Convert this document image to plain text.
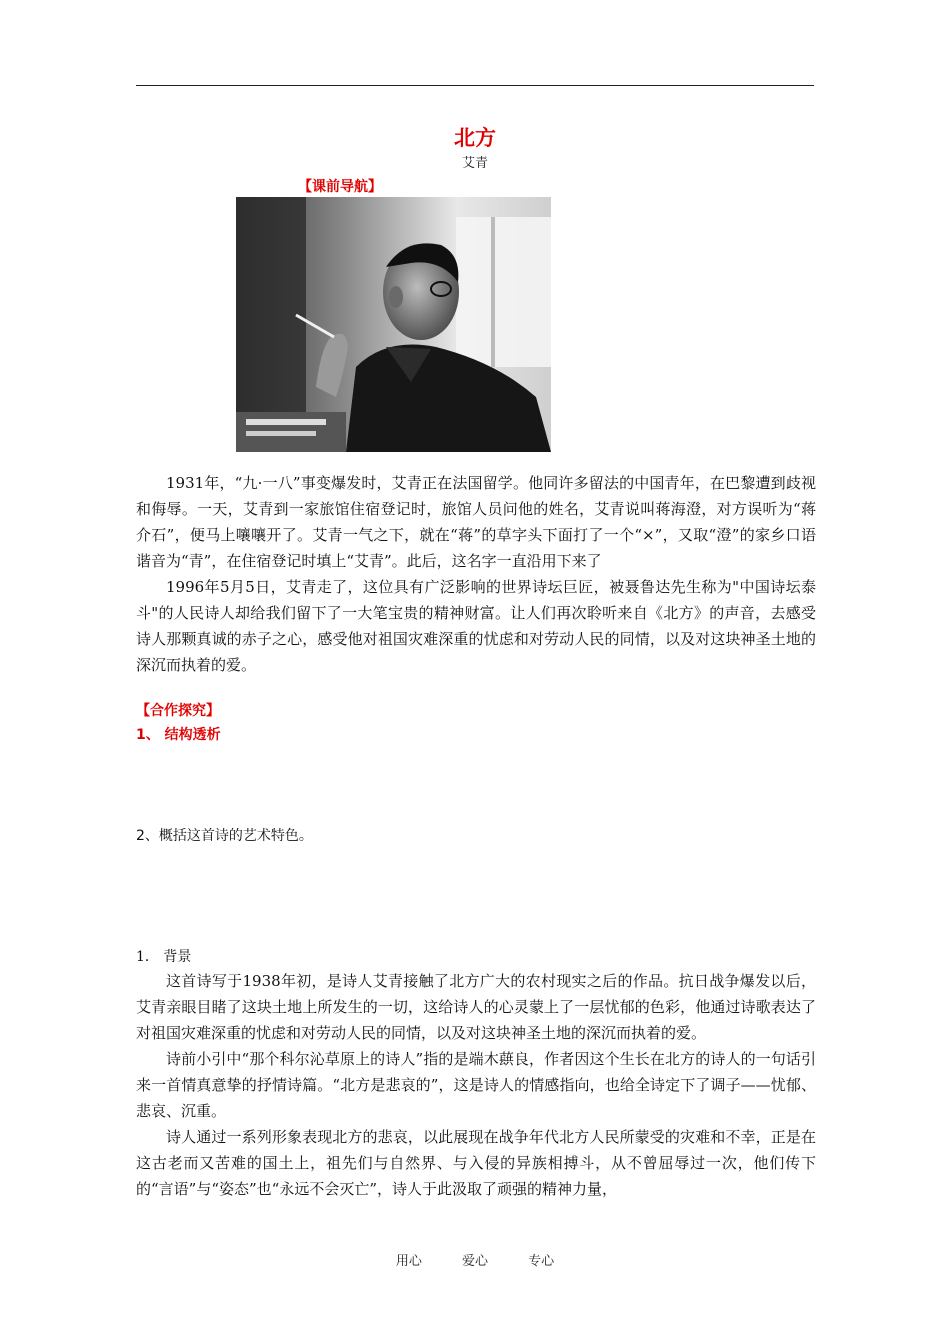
北方
艾青
【课前导航】

1931年，“九·一八”事变爆发时，艾青正在法国留学。他同许多留法的中国青年，在巴黎遭到歧视和侮辱。一天，艾青到一家旅馆住宿登记时，旅馆人员问他的姓名，艾青说叫蒋海澄，对方误听为“蒋介石”，便马上嚷嚷开了。艾青一气之下，就在“蒋”的草字头下面打了一个“×”，又取“澄”的家乡口语谐音为“青”，在住宿登记时填上“艾青”。此后，这名字一直沿用下来了

1996年5月5日，艾青走了，这位具有广泛影响的世界诗坛巨匠，被聂鲁达先生称为"中国诗坛泰斗"的人民诗人却给我们留下了一大笔宝贵的精神财富。让人们再次聆听来自《北方》的声音，去感受诗人那颗真诚的赤子之心，感受他对祖国灾难深重的忧虑和对劳动人民的同情，以及对这块神圣土地的深沉而执着的爱。

【合作探究】
1、 结构透析
2、概括这首诗的艺术特色。
1． 背景

这首诗写于1938年初，是诗人艾青接触了北方广大的农村现实之后的作品。抗日战争爆发以后，艾青亲眼目睹了这块土地上所发生的一切，这给诗人的心灵蒙上了一层忧郁的色彩，他通过诗歌表达了对祖国灾难深重的忧虑和对劳动人民的同情，以及对这块神圣土地的深沉而执着的爱。

诗前小引中“那个科尔沁草原上的诗人”指的是端木蕻良，作者因这个生长在北方的诗人的一句话引来一首情真意挚的抒情诗篇。“北方是悲哀的”，这是诗人的情感指向，也给全诗定下了调子——忧郁、悲哀、沉重。

诗人通过一系列形象表现北方的悲哀，以此展现在战争年代北方人民所蒙受的灾难和不幸，正是在这古老而又苦难的国土上，祖先们与自然界、与入侵的异族相搏斗，从不曾屈辱过一次，他们传下的“言语”与“姿态”也“永远不会灭亡”，诗人于此汲取了顽强的精神力量，

用心	爱心	专心
